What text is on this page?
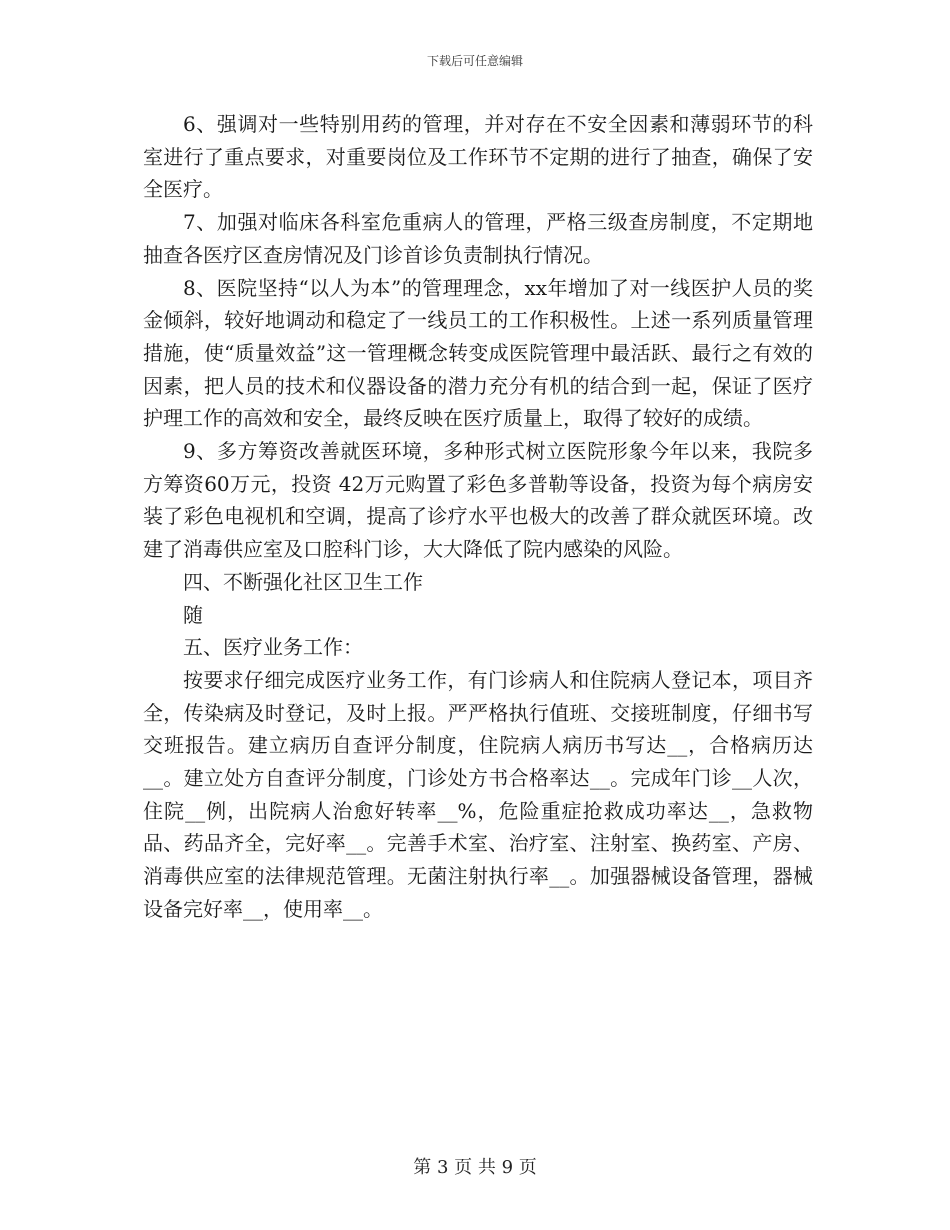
下载后可任意编辑

6、强调对一些特别用药的管理，并对存在不安全因素和薄弱环节的科室进行了重点要求，对重要岗位及工作环节不定期的进行了抽查，确保了安全医疗。

7、加强对临床各科室危重病人的管理，严格三级查房制度，不定期地抽查各医疗区查房情况及门诊首诊负责制执行情况。

8、医院坚持“以人为本”的管理理念，xx年增加了对一线医护人员的奖金倾斜，较好地调动和稳定了一线员工的工作积极性。上述一系列质量管理措施，使“质量效益”这一管理概念转变成医院管理中最活跃、最行之有效的因素，把人员的技术和仪器设备的潜力充分有机的结合到一起，保证了医疗护理工作的高效和安全，最终反映在医疗质量上，取得了较好的成绩。

9、多方筹资改善就医环境，多种形式树立医院形象今年以来，我院多方筹资60万元，投资 42万元购置了彩色多普勒等设备，投资为每个病房安装了彩色电视机和空调，提高了诊疗水平也极大的改善了群众就医环境。改建了消毒供应室及口腔科门诊，大大降低了院内感染的风险。

四、不断强化社区卫生工作

随

五、医疗业务工作：

按要求仔细完成医疗业务工作，有门诊病人和住院病人登记本，项目齐全，传染病及时登记，及时上报。严严格执行值班、交接班制度，仔细书写交班报告。建立病历自查评分制度，住院病人病历书写达__，合格病历达__。建立处方自查评分制度，门诊处方书合格率达__。完成年门诊__人次，住院__例，出院病人治愈好转率__%，危险重症抢救成功率达__，急救物品、药品齐全，完好率__。完善手术室、治疗室、注射室、换药室、产房、消毒供应室的法律规范管理。无菌注射执行率__。加强器械设备管理，器械设备完好率__，使用率__。

第 3 页 共 9 页
